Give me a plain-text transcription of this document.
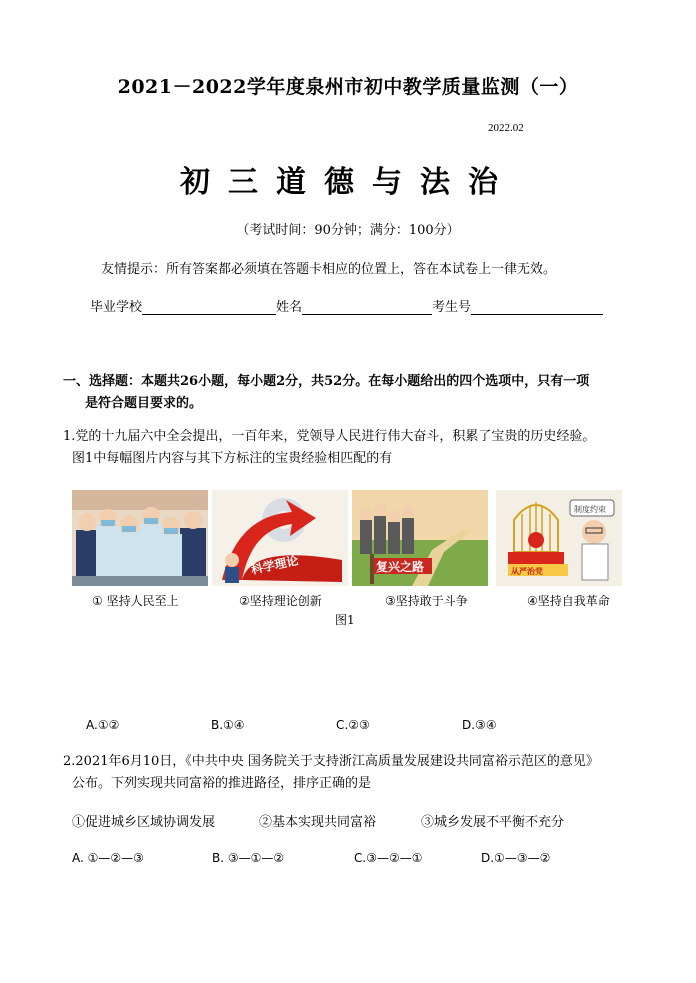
2021－2022学年度泉州市初中教学质量监测（一）
2022.02
初三道德与法治
（考试时间：90分钟；满分：100分）
友情提示：所有答案都必须填在答题卡相应的位置上，答在本试卷上一律无效。
毕业学校	姓名	考生号
一、选择题：本题共26小题，每小题2分，共52分。在每小题给出的四个选项中，只有一项
是符合题目要求的。
1.党的十九届六中全会提出，一百年来，党领导人民进行伟大奋斗，积累了宝贵的历史经验。
图1中每幅图片内容与其下方标注的宝贵经验相匹配的有
科学理论	复兴之路
制度约束
从严治党
① 坚持人民至上	②坚持理论创新	③坚持敢于斗争	④坚持自我革命
图1
A.①②	B.①④	C.②③	D.③④
2.2021年6月10日，《中共中央 国务院关于支持浙江高质量发展建设共同富裕示范区的意见》
公布。下列实现共同富裕的推进路径，排序正确的是
①促进城乡区域协调发展	②基本实现共同富裕	③城乡发展不平衡不充分
A. ①—②—③	B. ③—①—②	C.③—②—①	D.①—③—②
